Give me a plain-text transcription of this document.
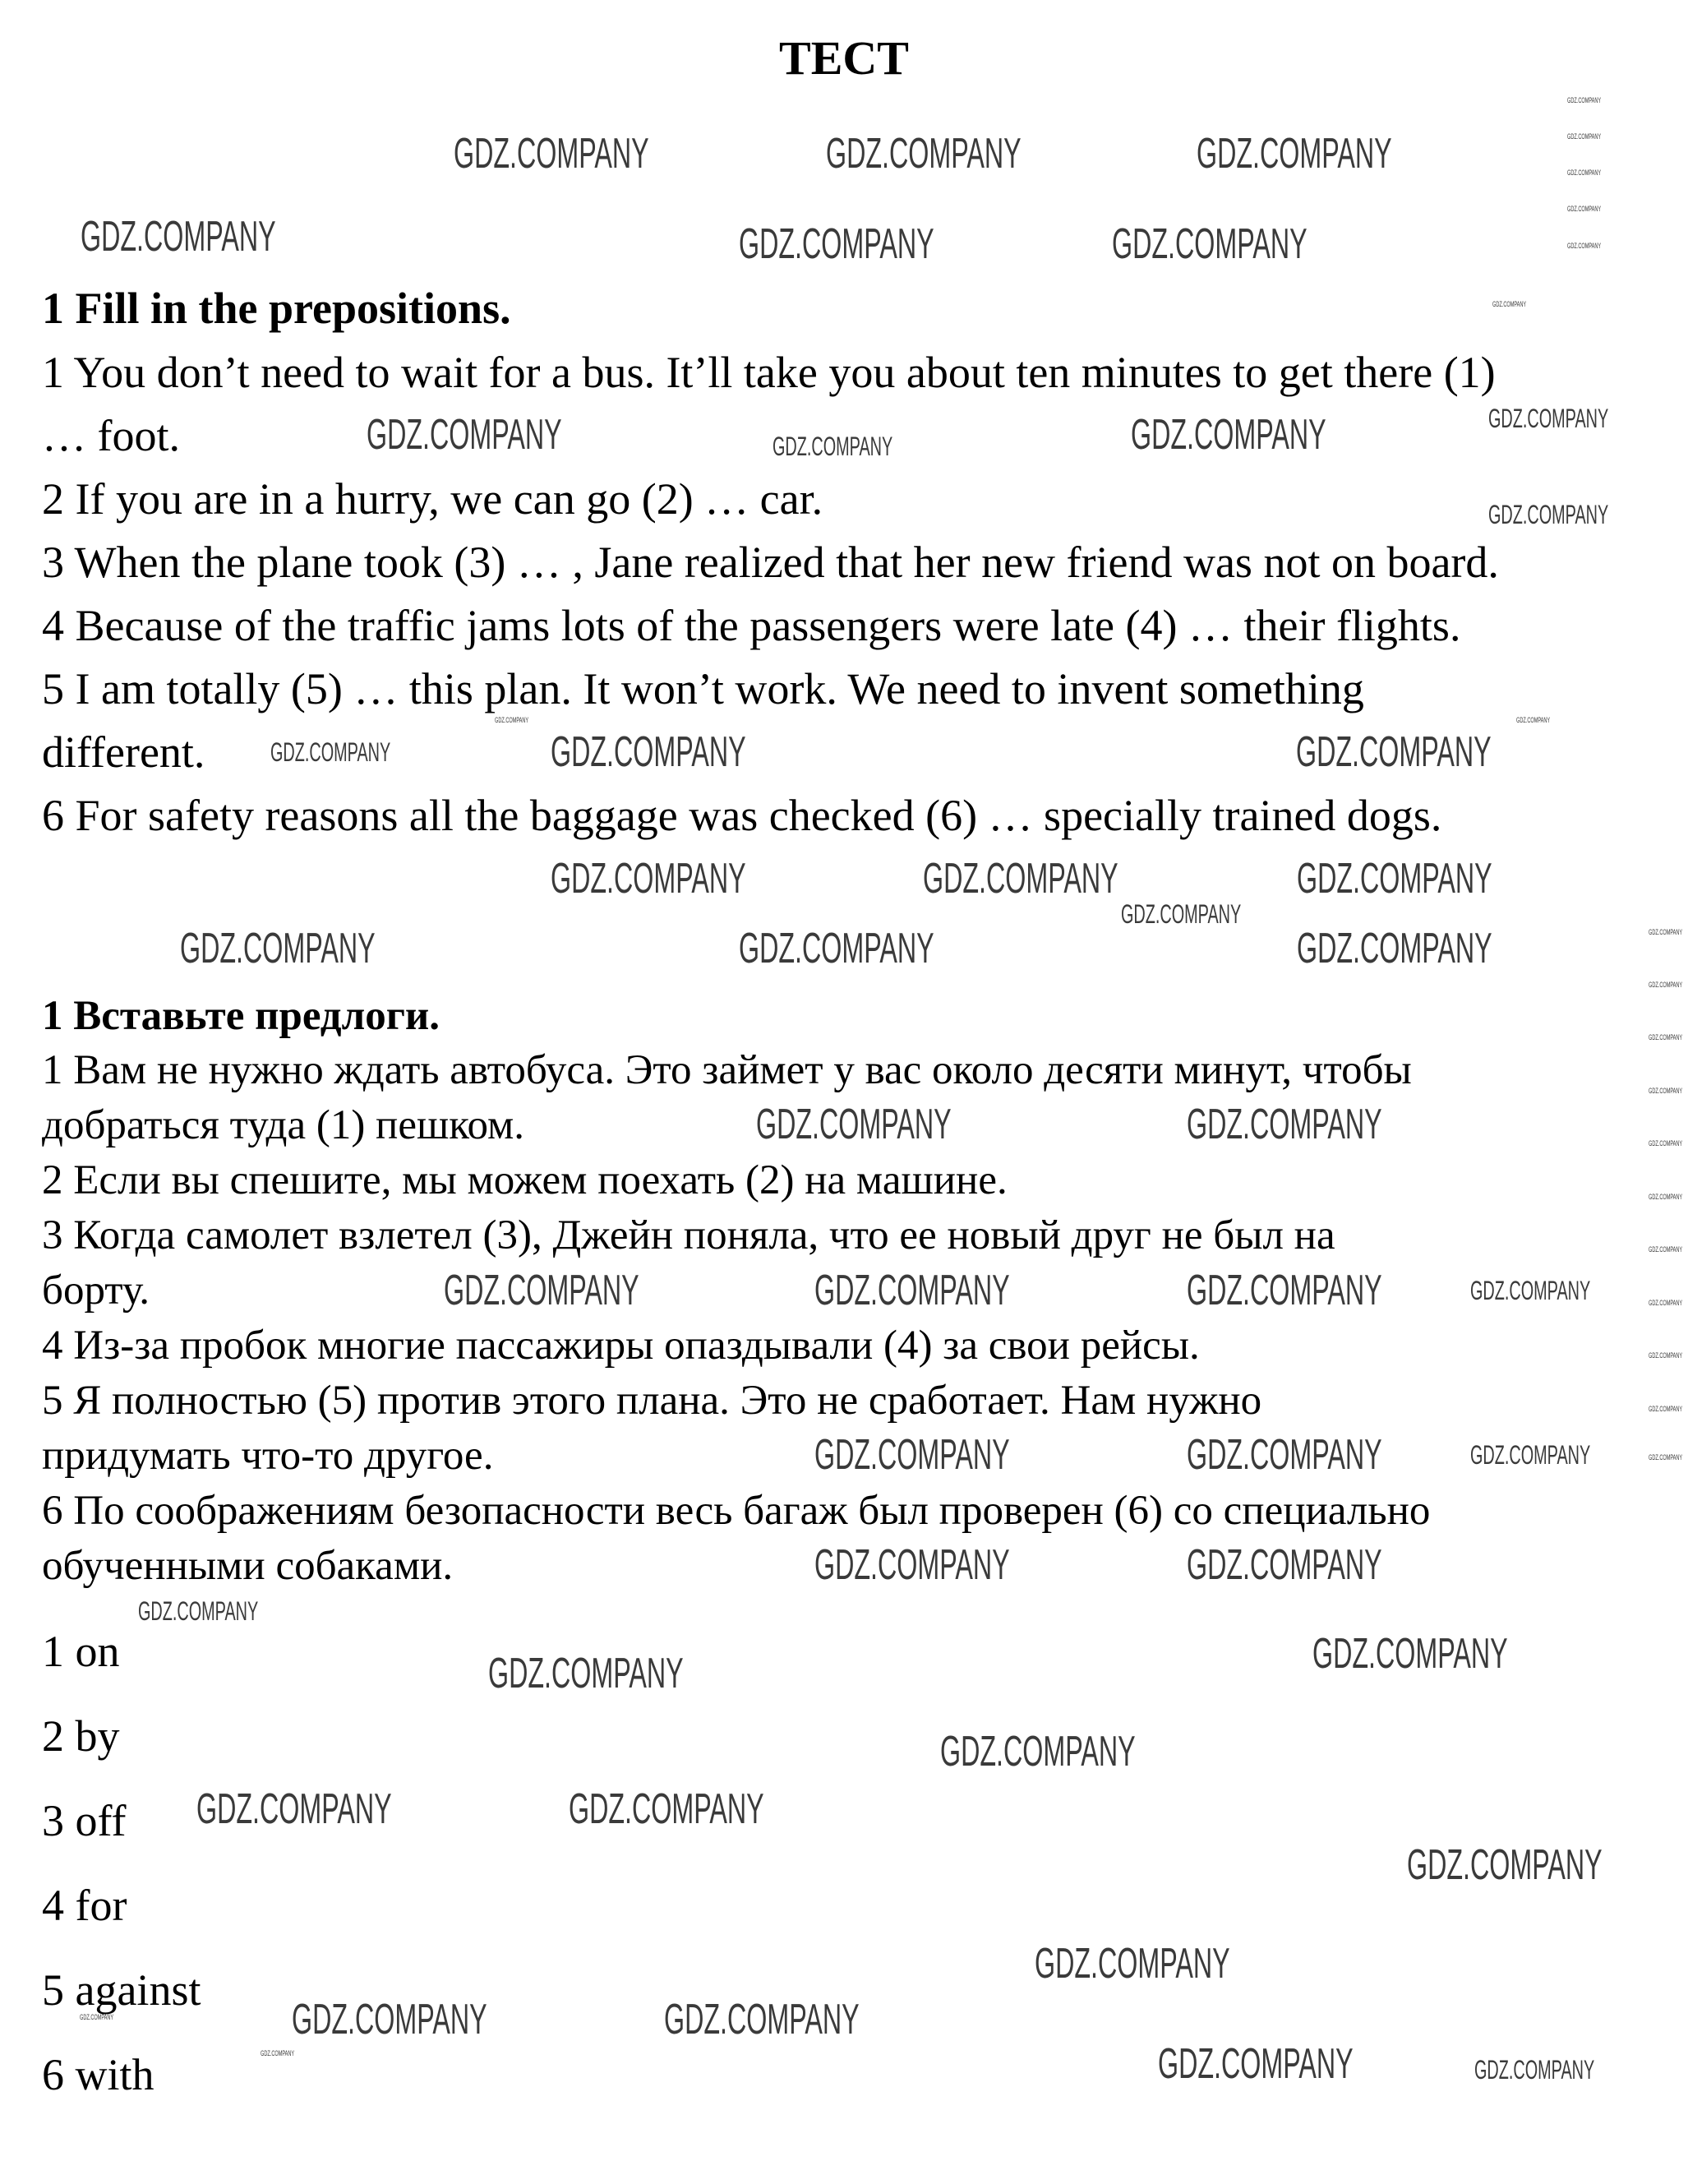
ТЕСТ
1 Fill in the prepositions.
1 You don’t need to wait for a bus. It’ll take you about ten minutes to get there (1)
… foot.
2 If you are in a hurry, we can go (2) … car.
3 When the plane took (3) … , Jane realized that her new friend was not on board.
4 Because of the traffic jams lots of the passengers were late (4) … their flights.
5 I am totally (5) … this plan. It won’t work. We need to invent something
different.
6 For safety reasons all the baggage was checked (6) … specially trained dogs.
1 Вставьте предлоги.
1 Вам не нужно ждать автобуса. Это займет у вас около десяти минут, чтобы
добраться туда (1) пешком.
2 Если вы спешите, мы можем поехать (2) на машине.
3 Когда самолет взлетел (3), Джейн поняла, что ее новый друг не был на
борту.
4 Из-за пробок многие пассажиры опаздывали (4) за свои рейсы.
5 Я полностью (5) против этого плана. Это не сработает. Нам нужно
придумать что-то другое.
6 По соображениям безопасности весь багаж был проверен (6) со специально
обученными собаками.
1 on
2 by
3 off
4 for
5 against
6 with
GDZ.COMPANY	GDZ.COMPANY	GDZ.COMPANY
GDZ.COMPANY	GDZ.COMPANY	GDZ.COMPANY
GDZ.COMPANY	GDZ.COMPANY
GDZ.COMPANY	GDZ.COMPANY
GDZ.COMPANY	GDZ.COMPANY	GDZ.COMPANY
GDZ.COMPANY	GDZ.COMPANY	GDZ.COMPANY
GDZ.COMPANY	GDZ.COMPANY
GDZ.COMPANY	GDZ.COMPANY	GDZ.COMPANY
GDZ.COMPANY	GDZ.COMPANY
GDZ.COMPANY	GDZ.COMPANY
GDZ.COMPANY
GDZ.COMPANY
GDZ.COMPANY
GDZ.COMPANY	GDZ.COMPANY
GDZ.COMPANY
GDZ.COMPANY
GDZ.COMPANY	GDZ.COMPANY
GDZ.COMPANY
GDZ.COMPANY
GDZ.COMPANY
GDZ.COMPANY
GDZ.COMPANY
GDZ.COMPANY
GDZ.COMPANY
GDZ.COMPANY
GDZ.COMPANY
GDZ.COMPANY
GDZ.COMPANY
GDZ.COMPANY
GDZ.COMPANY
GDZ.COMPANY
GDZ.COMPANY
GDZ.COMPANY
GDZ.COMPANY	GDZ.COMPANY
GDZ.COMPANY
GDZ.COMPANY
GDZ.COMPANY
GDZ.COMPANY
GDZ.COMPANY
GDZ.COMPANY
GDZ.COMPANY
GDZ.COMPANY
GDZ.COMPANY
GDZ.COMPANY
GDZ.COMPANY
GDZ.COMPANY
GDZ.COMPANY
